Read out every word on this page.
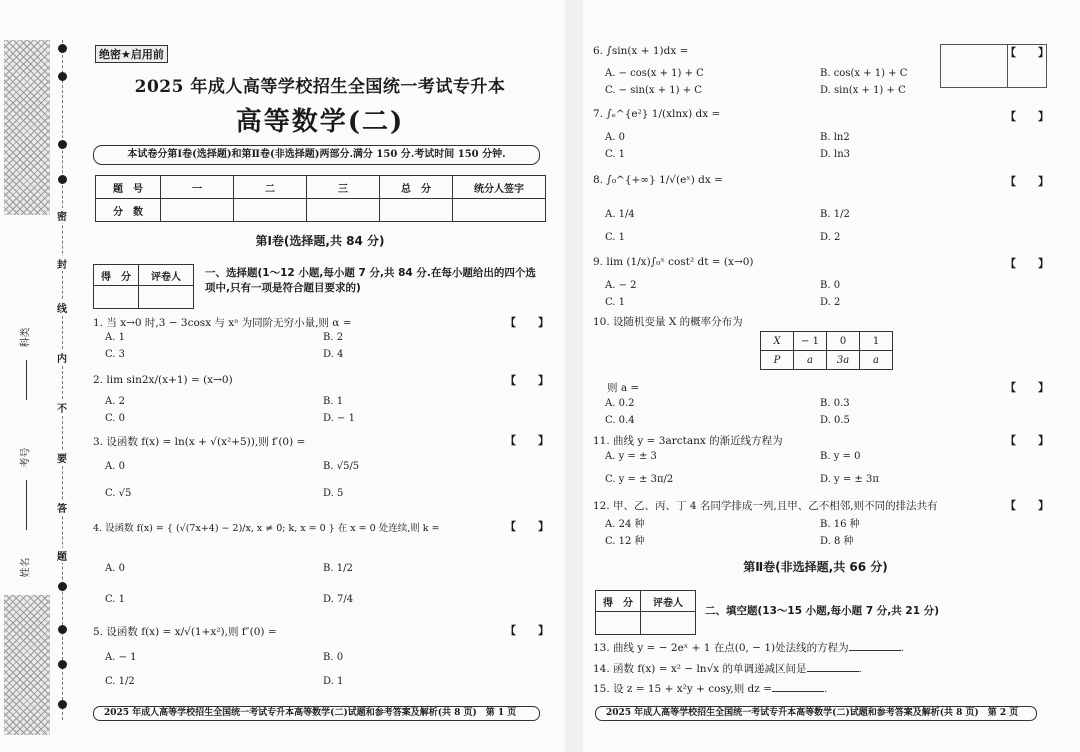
科类
考号
姓名
密
封
线
内
不
要
答
题
绝密★启用前
2025 年成人高等学校招生全国统一考试专升本
高等数学(二)
本试卷分第Ⅰ卷(选择题)和第Ⅱ卷(非选择题)两部分.满分 150 分.考试时间 150 分钟.
题　号	一	二	三	总　分	统分人签字
分　数					
第Ⅰ卷(选择题,共 84 分)
得　分	评卷人
	一、选择题(1～12 小题,每小题 7 分,共 84 分.在每小题给出的四个选项中,只有一项是符合题目要求的)
1. 当 x→0 时,3 − 3cosx 与 xᵃ 为同阶无穷小量,则 α =	【　　】
A. 1	B. 2
C. 3	D. 4
2. lim sin2x/(x+1) = (x→0)	【　　】
A. 2	B. 1
C. 0	D. − 1
3. 设函数 f(x) = ln(x + √(x²+5)),则 f′(0) =	【　　】
A. 0	B. √5/5
C. √5	D. 5
4. 设函数 f(x) = { (√(7x+4) − 2)/x, x ≠ 0; k, x = 0 } 在 x = 0 处连续,则 k =	【　　】
A. 0	B. 1/2
C. 1	D. 7/4
5. 设函数 f(x) = x/√(1+x²),则 f″(0) =	【　　】
A. − 1	B. 0
C. 1/2	D. 1
2025 年成人高等学校招生全国统一考试专升本高等数学(二)试题和参考答案及解析(共 8 页)　第 1 页
6. ∫sin(x + 1)dx =	【　　】
A. − cos(x + 1) + C	B. cos(x + 1) + C
C. − sin(x + 1) + C	D. sin(x + 1) + C
7. ∫ₑ^{e²} 1/(xlnx) dx =	【　　】
A. 0	B. ln2
C. 1	D. ln3
8. ∫₀^{+∞} 1/√(eˣ) dx =	【　　】
A. 1/4	B. 1/2
C. 1	D. 2
9. lim (1/x)∫₀ˣ cost² dt = (x→0)	【　　】
A. − 2	B. 0
C. 1	D. 2
10. 设随机变量 X 的概率分布为
X	− 1	0	1
P	a	3a	a
则 a =	【　　】
A. 0.2	B. 0.3
C. 0.4	D. 0.5
11. 曲线 y = 3arctanx 的渐近线方程为	【　　】
A. y = ± 3	B. y = 0
C. y = ± 3π/2	D. y = ± 3π
12. 甲、乙、丙、丁 4 名同学排成一列,且甲、乙不相邻,则不同的排法共有	【　　】
A. 24 种	B. 16 种
C. 12 种	D. 8 种
第Ⅱ卷(非选择题,共 66 分)
得　分	评卷人

二、填空题(13～15 小题,每小题 7 分,共 21 分)
13. 曲线 y = − 2eˣ + 1 在点(0, − 1)处法线的方程为	.
14. 函数 f(x) = x² − ln√x 的单调递减区间是	.
15. 设 z = 15 + x²y + cosy,则 dz =	.
2025 年成人高等学校招生全国统一考试专升本高等数学(二)试题和参考答案及解析(共 8 页)　第 2 页
